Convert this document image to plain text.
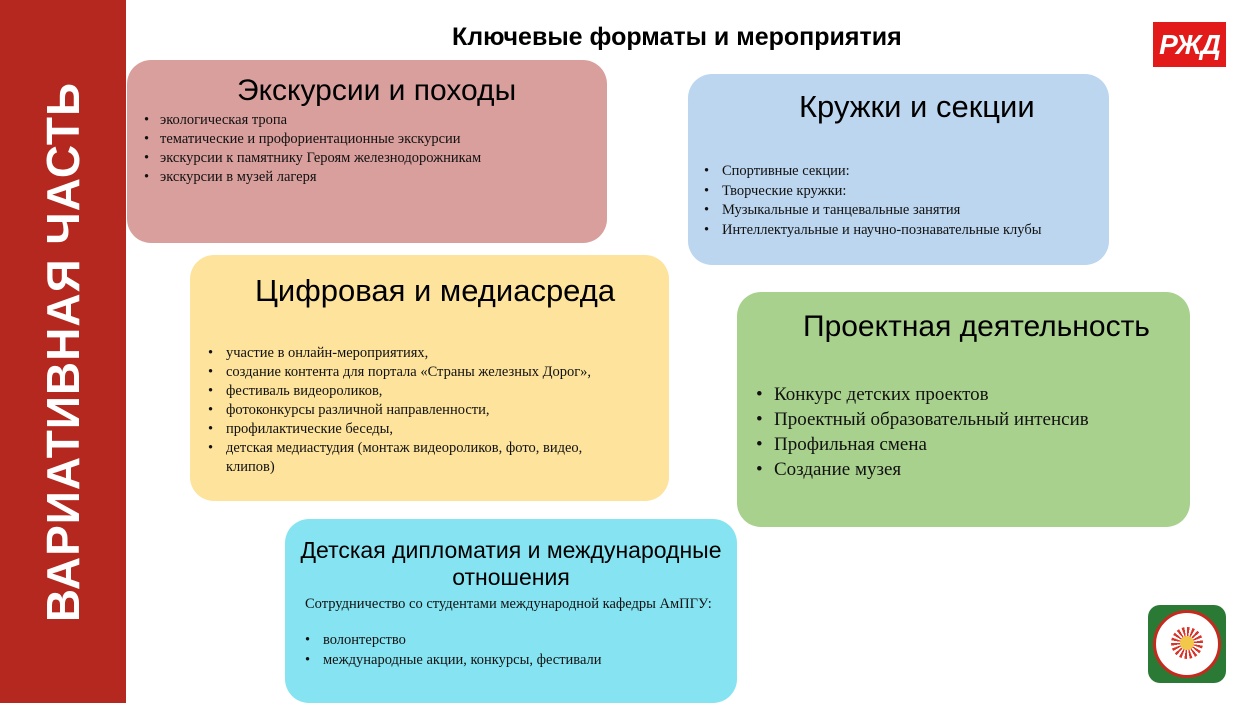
ВАРИАТИВНАЯ ЧАСТЬ
Ключевые форматы и мероприятия	РЖД
Экскурсии и походы
• экологическая тропа
• тематические и профориентационные экскурсии
• экскурсии к памятнику Героям железнодорожникам
• экскурсии в музей лагеря
Кружки и секции
• Спортивные секции:
• Творческие кружки:
• Музыкальные и танцевальные занятия
• Интеллектуальные и научно-познавательные клубы
Цифровая и медиасреда
• участие в онлайн-мероприятиях,
• создание контента для портала «Страны железных Дорог»,
• фестиваль видеороликов,
• фотоконкурсы различной направленности,
• профилактические беседы,
• детская медиастудия (монтаж видеороликов, фото, видео, клипов)
Проектная деятельность
• Конкурс детских проектов
• Проектный образовательный интенсив
• Профильная смена
• Создание музея
Детская дипломатия и международные отношения
Сотрудничество со студентами международной кафедры АмПГУ:
• волонтерство
• международные акции, конкурсы, фестивали
